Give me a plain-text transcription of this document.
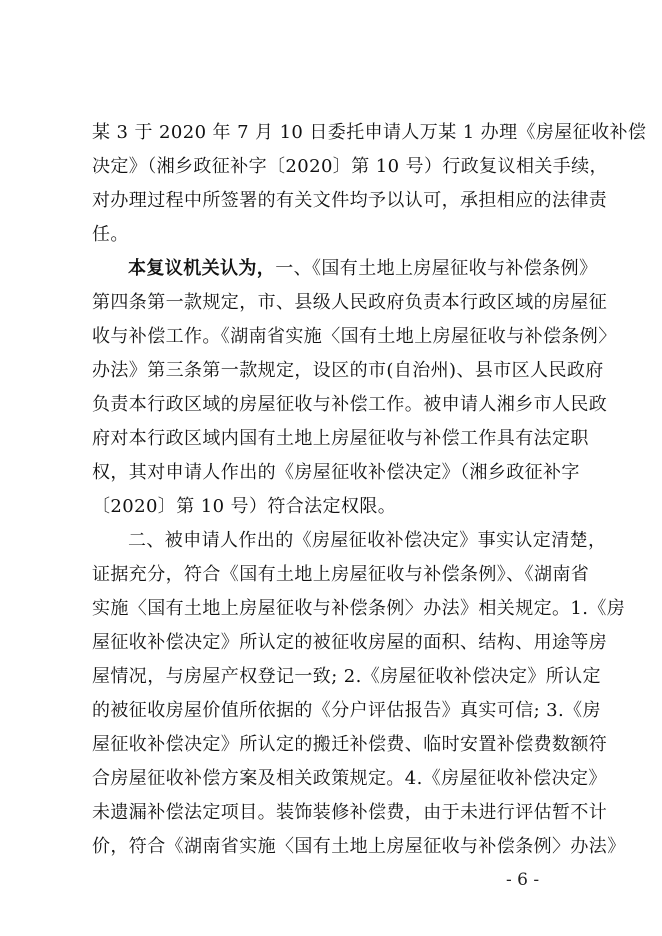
某 3 于 2020 年 7 月 10 日委托申请人万某 1 办理《房屋征收补偿
决定》（湘乡政征补字〔2020〕第 10 号）行政复议相关手续，
对办理过程中所签署的有关文件均予以认可，承担相应的法律责
任。
本复议机关认为，一、《国有土地上房屋征收与补偿条例》
第四条第一款规定，市、县级人民政府负责本行政区域的房屋征
收与补偿工作。《湖南省实施〈国有土地上房屋征收与补偿条例〉
办法》第三条第一款规定，设区的市(自治州)、县市区人民政府
负责本行政区域的房屋征收与补偿工作。被申请人湘乡市人民政
府对本行政区域内国有土地上房屋征收与补偿工作具有法定职
权，其对申请人作出的《房屋征收补偿决定》（湘乡政征补字
〔2020〕第 10 号）符合法定权限。
二、被申请人作出的《房屋征收补偿决定》事实认定清楚，
证据充分，符合《国有土地上房屋征收与补偿条例》、《湖南省
实施〈国有土地上房屋征收与补偿条例〉办法》相关规定。1.《房
屋征收补偿决定》所认定的被征收房屋的面积、结构、用途等房
屋情况，与房屋产权登记一致; 2.《房屋征收补偿决定》所认定
的被征收房屋价值所依据的《分户评估报告》真实可信; 3.《房
屋征收补偿决定》所认定的搬迁补偿费、临时安置补偿费数额符
合房屋征收补偿方案及相关政策规定。4.《房屋征收补偿决定》
未遗漏补偿法定项目。装饰装修补偿费，由于未进行评估暂不计
价，符合《湖南省实施〈国有土地上房屋征收与补偿条例〉办法》
- 6 -
